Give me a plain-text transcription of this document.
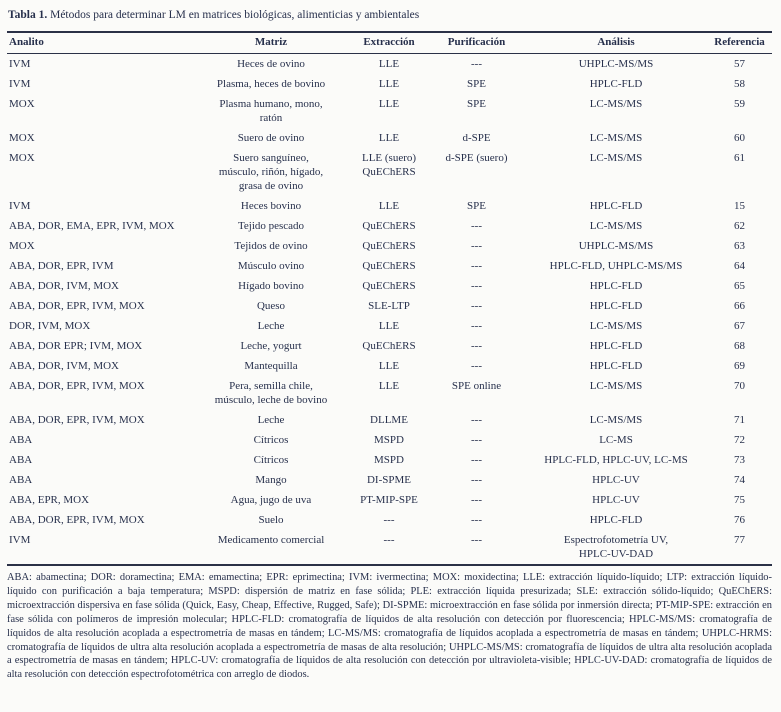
Tabla 1. Métodos para determinar LM en matrices biológicas, alimenticias y ambientales
Analito	Matriz	Extracción	Purificación	Análisis	Referencia
IVM	Heces de ovino	LLE	---	UHPLC-MS/MS	57
IVM	Plasma, heces de bovino	LLE	SPE	HPLC-FLD	58
MOX	Plasma humano, mono,
ratón	LLE	SPE	LC-MS/MS	59
MOX	Suero de ovino	LLE	d-SPE	LC-MS/MS	60
MOX	Suero sanguíneo,
músculo, riñón, hígado,
grasa de ovino	LLE (suero)
QuEChERS	d-SPE (suero)	LC-MS/MS	61
IVM	Heces bovino	LLE	SPE	HPLC-FLD	15
ABA, DOR, EMA, EPR, IVM, MOX	Tejido pescado	QuEChERS	---	LC-MS/MS	62
MOX	Tejidos de ovino	QuEChERS	---	UHPLC-MS/MS	63
ABA, DOR, EPR, IVM	Músculo ovino	QuEChERS	---	HPLC-FLD, UHPLC-MS/MS	64
ABA, DOR, IVM, MOX	Hígado bovino	QuEChERS	---	HPLC-FLD	65
ABA, DOR, EPR, IVM, MOX	Queso	SLE-LTP	---	HPLC-FLD	66
DOR, IVM, MOX	Leche	LLE	---	LC-MS/MS	67
ABA, DOR EPR; IVM, MOX	Leche, yogurt	QuEChERS	---	HPLC-FLD	68
ABA, DOR, IVM, MOX	Mantequilla	LLE	---	HPLC-FLD	69
ABA, DOR, EPR, IVM, MOX	Pera, semilla chile,
músculo, leche de bovino	LLE	SPE online	LC-MS/MS	70
ABA, DOR, EPR, IVM, MOX	Leche	DLLME	---	LC-MS/MS	71
ABA	Cítricos	MSPD	---	LC-MS	72
ABA	Cítricos	MSPD	---	HPLC-FLD, HPLC-UV, LC-MS	73
ABA	Mango	DI-SPME	---	HPLC-UV	74
ABA, EPR, MOX	Agua, jugo de uva	PT-MIP-SPE	---	HPLC-UV	75
ABA, DOR, EPR, IVM, MOX	Suelo	---	---	HPLC-FLD	76
IVM	Medicamento comercial	---	---	Espectrofotometría UV,
HPLC-UV-DAD	77

ABA: abamectina; DOR: doramectina; EMA: emamectina; EPR: eprimectina; IVM: ivermectina; MOX: moxidectina; LLE: extracción líquido-líquido; LTP: extracción líquido-líquido con purificación a baja temperatura; MSPD: dispersión de matriz en fase sólida; PLE: extracción líquida presurizada; SLE: extracción sólido-líquido; QuEChERS: microextracción dispersiva en fase sólida (Quick, Easy, Cheap, Effective, Rugged, Safe); DI-SPME: microextracción en fase sólida por inmersión directa; PT-MIP-SPE: extracción en fase sólida con polímeros de impresión molecular; HPLC-FLD: cromatografía de líquidos de alta resolución con detección por fluorescencia; HPLC-MS/MS: cromatografía de líquidos de alta resolución acoplada a espectrometría de masas en tándem; LC-MS/MS: cromatografía de líquidos acoplada a espectrometría de masas en tándem; UHPLC-HRMS: cromatografía de líquidos de ultra alta resolución acoplada a espectrometría de masas de alta resolución; UHPLC-MS/MS: cromatografía de líquidos de ultra alta resolución acoplada a espectrometría de masas en tándem; HPLC-UV: cromatografía de líquidos de alta resolución con detección por ultravioleta-visible; HPLC-UV-DAD: cromatografía de líquidos de alta resolución con detección espectrofotométrica con arreglo de diodos.
